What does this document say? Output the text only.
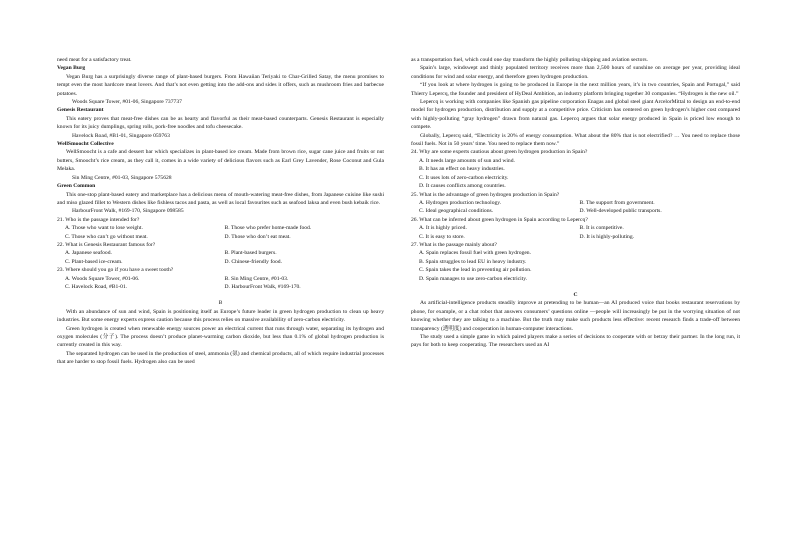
need meat for a satisfactory treat.

Vegan Burg

Vegan Burg has a surprisingly diverse range of plant-based burgers. From Hawaiian Teriyaki to Char-Grilled Satay, the menu promises to tempt even the most hardcore meat lovers. And that’s not even getting into the add-ons and sides it offers, such as mushroom fries and barbecue potatoes.

Woods Square Tower, #01-06, Singapore 737737

Genesis Restaurant

This eatery proves that meat-free dishes can be as hearty and flavorful as their meat-based counterparts. Genesis Restaurant is especially known for its juicy dumplings, spring rolls, pork-free noodles and tofu cheesecake.

Havelock Road, #B1-01, Singapore 059763

WellSmoocht Collective

WellSmoocht is a cafe and dessert bar which specializes in plant-based ice cream. Made from brown rice, sugar cane juice and fruits or nut butters, Smoocht’s rice cream, as they call it, comes in a wide variety of delicious flavors such as Earl Grey Lavender, Rose Coconut and Gula Melaka.

Sin Ming Centre, #01-03, Singapore 575628

Green Common

This one-stop plant-based eatery and marketplace has a delicious menu of mouth-watering meat-free dishes, from Japanese cuisine like sushi and miso glazed fillet to Western dishes like fishless tacos and pasta, as well as local favourites such as seafood laksa and even bush kebaik rice.

HarbourFront Walk, #169-170, Singapore 098585

21. Who is the passage intended for?

A. Those who want to lose weight.	B. Those who prefer home-made food.
C. Those who can’t go without meat.	D. Those who don’t eat meat.

22. What is Genesis Restaurant famous for?

A. Japanese seafood.	B. Plant-based burgers.
C. Plant-based ice-cream.	D. Chinese-friendly food.

23. Where should you go if you have a sweet tooth?

A. Woods Square Tower, #01-06.	B. Sin Ming Centre, #01-03.
C. Havelock Road, #B1-01.	D. HarbourFront Walk, #169-170.

B

With an abundance of sun and wind, Spain is positioning itself as Europe’s future leader in green hydrogen production to clean up heavy industries. But some energy experts express caution because this process relies on massive availability of zero-carbon electricity.

Green hydrogen is created when renewable energy sources power an electrical current that runs through water, separating its hydrogen and oxygen molecules (分子). The process doesn’t produce planet-warming carbon dioxide, but less than 0.1% of global hydrogen production is currently created in this way.

The separated hydrogen can be used in the production of steel, ammonia (氨) and chemical products, all of which require industrial processes that are harder to stop fossil fuels. Hydrogen also can be used

as a transportation fuel, which could one day transform the highly polluting shipping and aviation sectors.

Spain’s large, windswept and thinly populated territory receives more than 2,500 hours of sunshine on average per year, providing ideal conditions for wind and solar energy, and therefore green hydrogen production.

“If you look at where hydrogen is going to be produced in Europe in the next million years, it’s in two countries, Spain and Portugal,” said Thierry Lepercq, the founder and president of HyDeal Ambition, an industry platform bringing together 30 companies. “Hydrogen is the new oil.”

Lepercq is working with companies like Spanish gas pipeline corporation Enagas and global steel giant ArcelorMittal to design an end-to-end model for hydrogen production, distribution and supply at a competitive price. Criticism has centered on green hydrogen’s higher cost compared with highly-polluting “gray hydrogen” drawn from natural gas. Lepercq argues that solar energy produced in Spain is priced low enough to compete.

Globally, Lepercq said, “Electricity is 20% of energy consumption. What about the 80% that is not electrified? … You need to replace those fossil fuels. Not in 50 years’ time. You need to replace them now.”

24. Why are some experts cautious about green hydrogen production in Spain?

A. It needs large amounts of sun and wind.
B. It has an effect on heavy industries.
C. It uses lots of zero-carbon electricity.
D. It causes conflicts among countries.

25. What is the advantage of green hydrogen production in Spain?

A. Hydrogen production technology.	B. The support from government.
C. Ideal geographical conditions.	D. Well-developed public transports.

26. What can be inferred about green hydrogen in Spain according to Lepercq?

A. It is highly priced.	B. It is competitive.
C. It is easy to store.	D. It is highly-polluting.

27. What is the passage mainly about?

A. Spain replaces fossil fuel with green hydrogen.
B. Spain struggles to lead EU in heavy industry.
C. Spain takes the lead in preventing air pollution.
D. Spain manages to use zero-carbon electricity.

C

As artificial-intelligence products steadily improve at pretending to be human—an AI produced voice that books restaurant reservations by phone, for example, or a chat robot that answers consumers’ questions online —people will increasingly be put in the worrying situation of not knowing whether they are talking to a machine. But the truth may make such products less effective: recent research finds a trade-off between transparency (透明度) and cooperation in human-computer interactions.

The study used a simple game in which paired players make a series of decisions to cooperate with or betray their partner. In the long run, it pays for both to keep cooperating. The researchers used an AI
